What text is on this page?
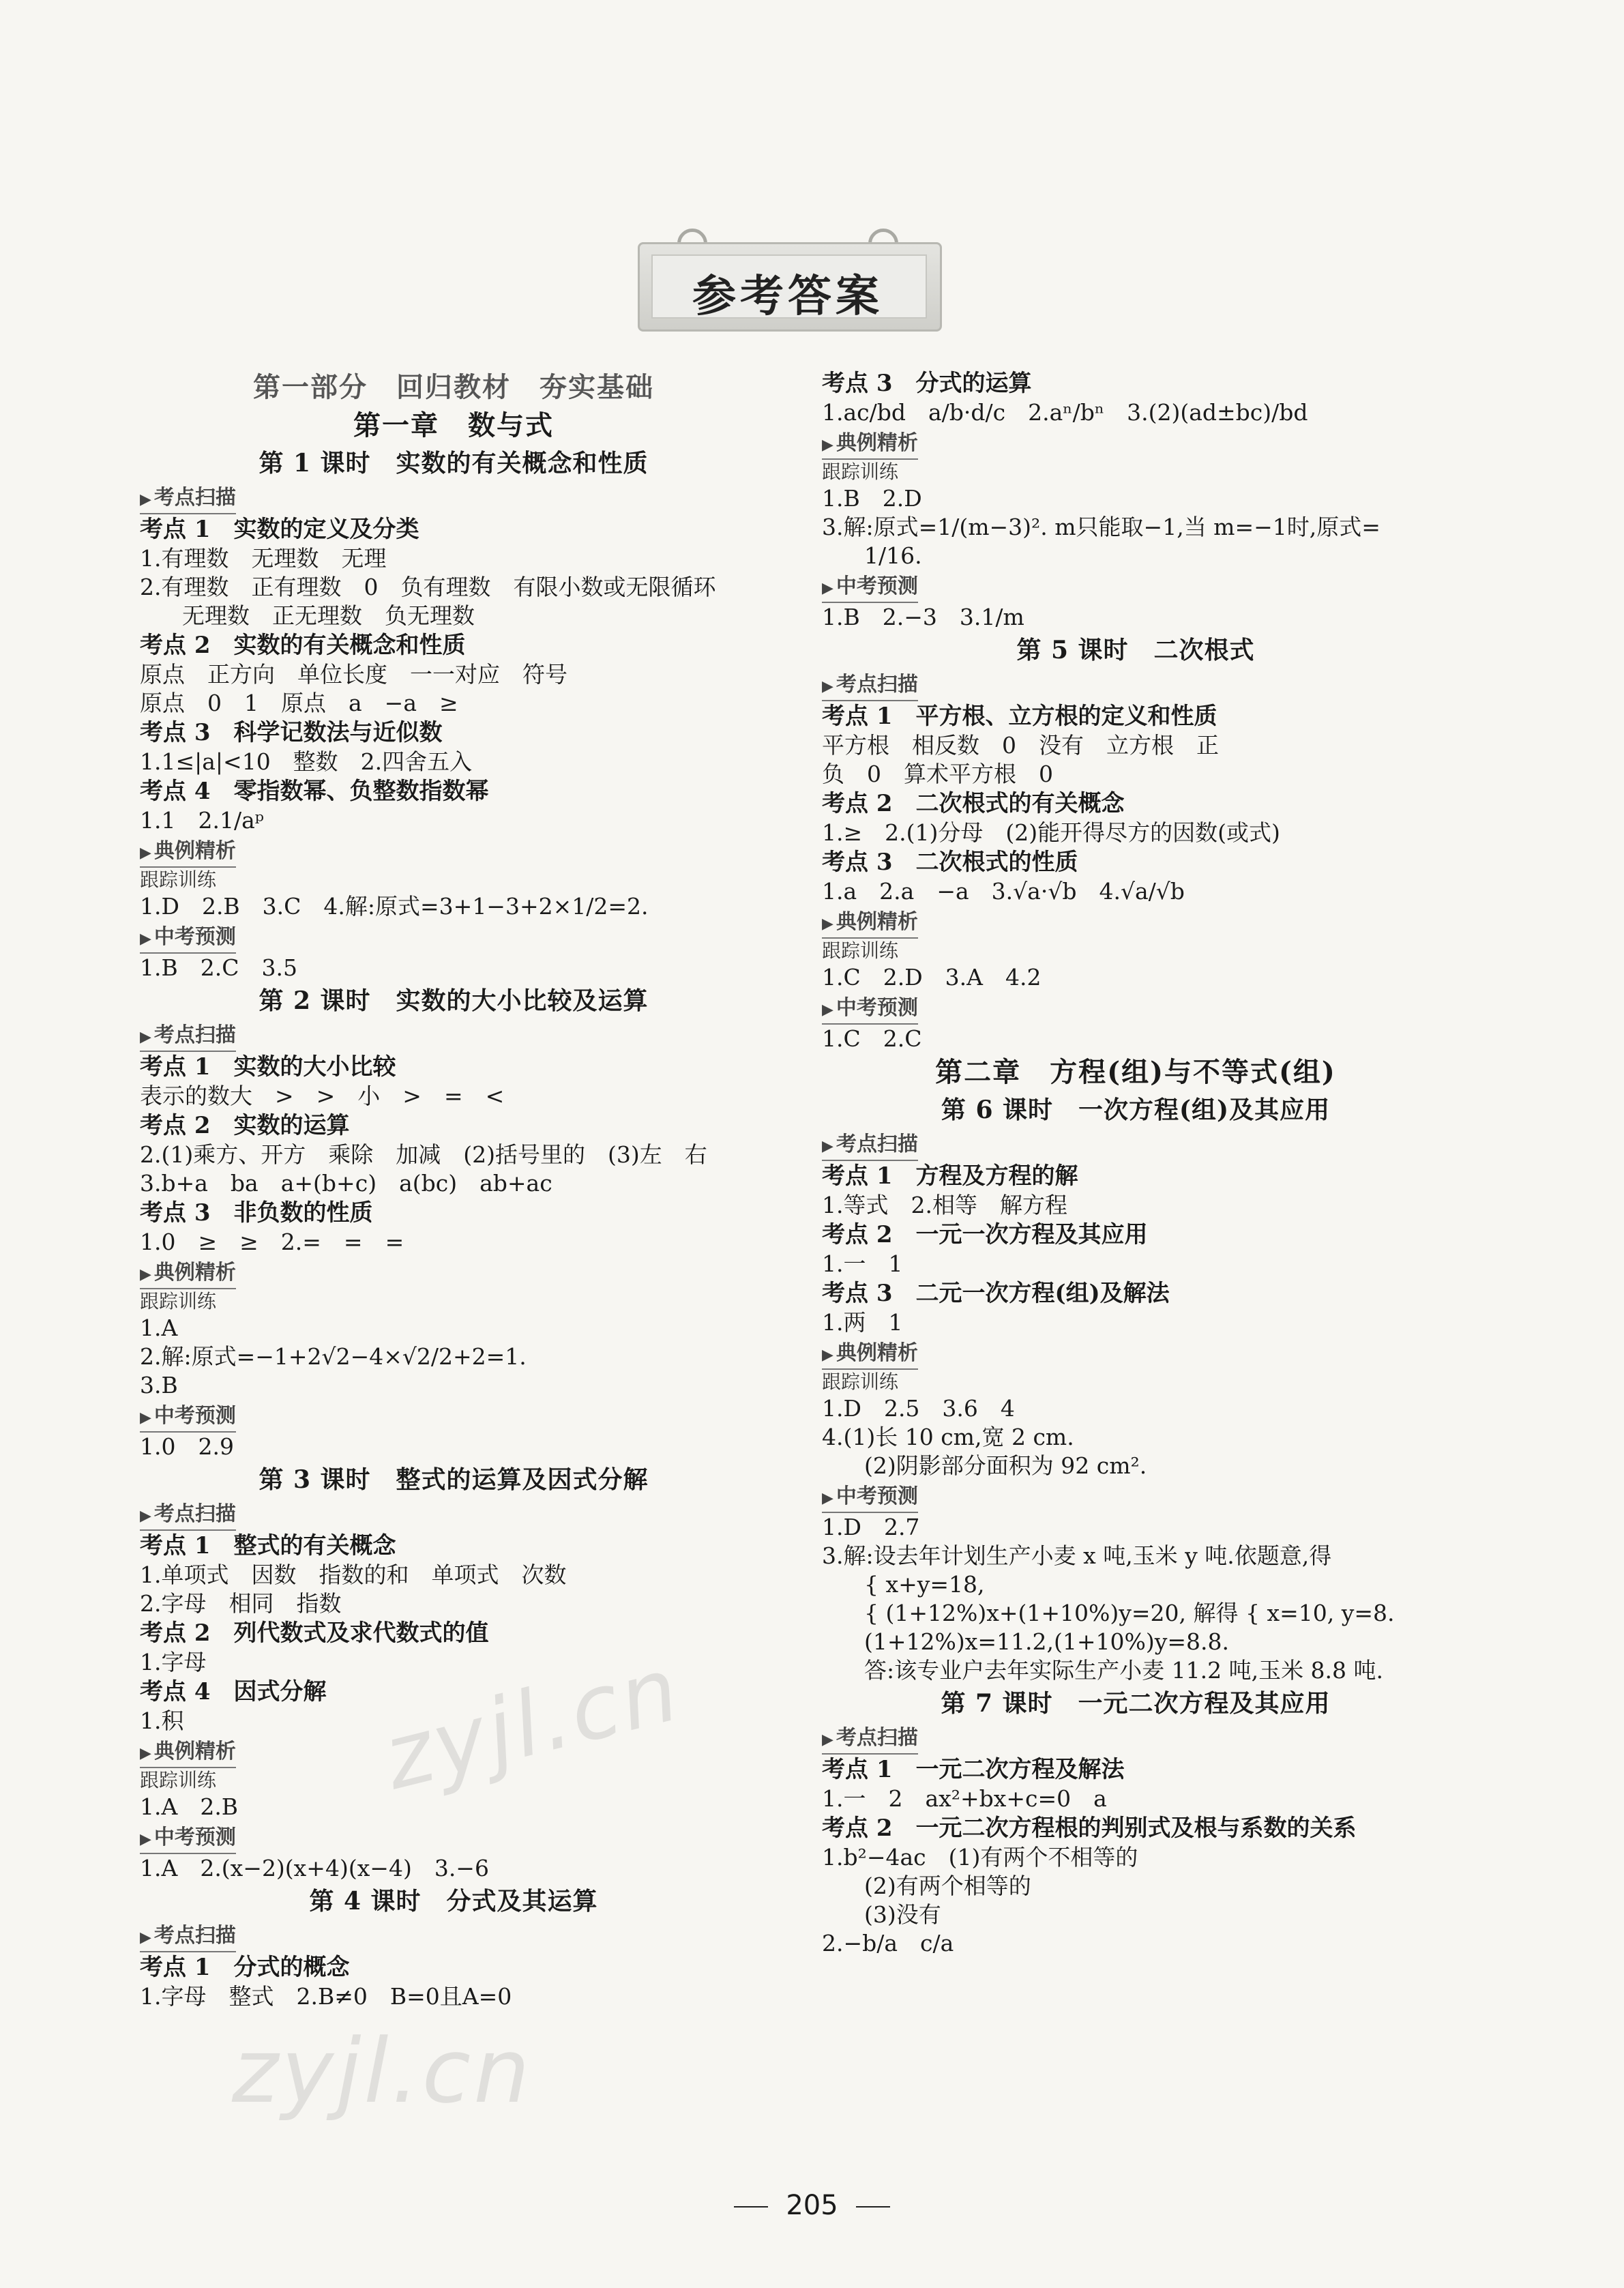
参考答案
第一部分　回归教材　夯实基础
第一章　数与式
第 1 课时　实数的有关概念和性质
▶ 考点扫描
考点 1　实数的定义及分类
1.有理数　无理数　无理
2.有理数　正有理数　0　负有理数　有限小数或无限循环
无理数　正无理数　负无理数
考点 2　实数的有关概念和性质
原点　正方向　单位长度　一一对应　符号
原点　0　1　原点　a　−a　≥
考点 3　科学记数法与近似数
1.1≤|a|<10　整数　2.四舍五入
考点 4　零指数幂、负整数指数幂
1.1　2.1/aᵖ
▶ 典例精析
跟踪训练
1.D　2.B　3.C　4.解:原式=3+1−3+2×1/2=2.
▶ 中考预测
1.B　2.C　3.5
第 2 课时　实数的大小比较及运算
▶ 考点扫描
考点 1　实数的大小比较
表示的数大　>　>　小　>　=　<
考点 2　实数的运算
2.(1)乘方、开方　乘除　加减　(2)括号里的　(3)左　右
3.b+a　ba　a+(b+c)　a(bc)　ab+ac
考点 3　非负数的性质
1.0　≥　≥　2.=　=　=
▶ 典例精析
跟踪训练
1.A
2.解:原式=−1+2√2−4×√2/2+2=1.
3.B
▶ 中考预测
1.0　2.9
第 3 课时　整式的运算及因式分解
▶ 考点扫描
考点 1　整式的有关概念
1.单项式　因数　指数的和　单项式　次数
2.字母　相同　指数
考点 2　列代数式及求代数式的值
1.字母
考点 4　因式分解
1.积
▶ 典例精析
跟踪训练
1.A　2.B
▶ 中考预测
1.A　2.(x−2)(x+4)(x−4)　3.−6
第 4 课时　分式及其运算
▶ 考点扫描
考点 1　分式的概念
1.字母　整式　2.B≠0　B=0且A=0
考点 3　分式的运算
1.ac/bd　a/b·d/c　2.aⁿ/bⁿ　3.(2)(ad±bc)/bd
▶ 典例精析
跟踪训练
1.B　2.D
3.解:原式=1/(m−3)². m只能取−1,当 m=−1时,原式=
1/16.
▶ 中考预测
1.B　2.−3　3.1/m
第 5 课时　二次根式
▶ 考点扫描
考点 1　平方根、立方根的定义和性质
平方根　相反数　0　没有　立方根　正
负　0　算术平方根　0
考点 2　二次根式的有关概念
1.≥　2.(1)分母　(2)能开得尽方的因数(或式)
考点 3　二次根式的性质
1.a　2.a　−a　3.√a·√b　4.√a/√b
▶ 典例精析
跟踪训练
1.C　2.D　3.A　4.2
▶ 中考预测
1.C　2.C
第二章　方程(组)与不等式(组)
第 6 课时　一次方程(组)及其应用
▶ 考点扫描
考点 1　方程及方程的解
1.等式　2.相等　解方程
考点 2　一元一次方程及其应用
1.一　1
考点 3　二元一次方程(组)及解法
1.两　1
▶ 典例精析
跟踪训练
1.D　2.5　3.6　4
4.(1)长 10 cm,宽 2 cm.
(2)阴影部分面积为 92 cm².
▶ 中考预测
1.D　2.7
3.解:设去年计划生产小麦 x 吨,玉米 y 吨.依题意,得
{ x+y=18,
{ (1+12%)x+(1+10%)y=20, 解得 { x=10, y=8.
(1+12%)x=11.2,(1+10%)y=8.8.
答:该专业户去年实际生产小麦 11.2 吨,玉米 8.8 吨.
第 7 课时　一元二次方程及其应用
▶ 考点扫描
考点 1　一元二次方程及解法
1.一　2　ax²+bx+c=0　a
考点 2　一元二次方程根的判别式及根与系数的关系
1.b²−4ac　(1)有两个不相等的
(2)有两个相等的
(3)没有
2.−b/a　c/a
zyjl.cn
zyjl.cn
205
